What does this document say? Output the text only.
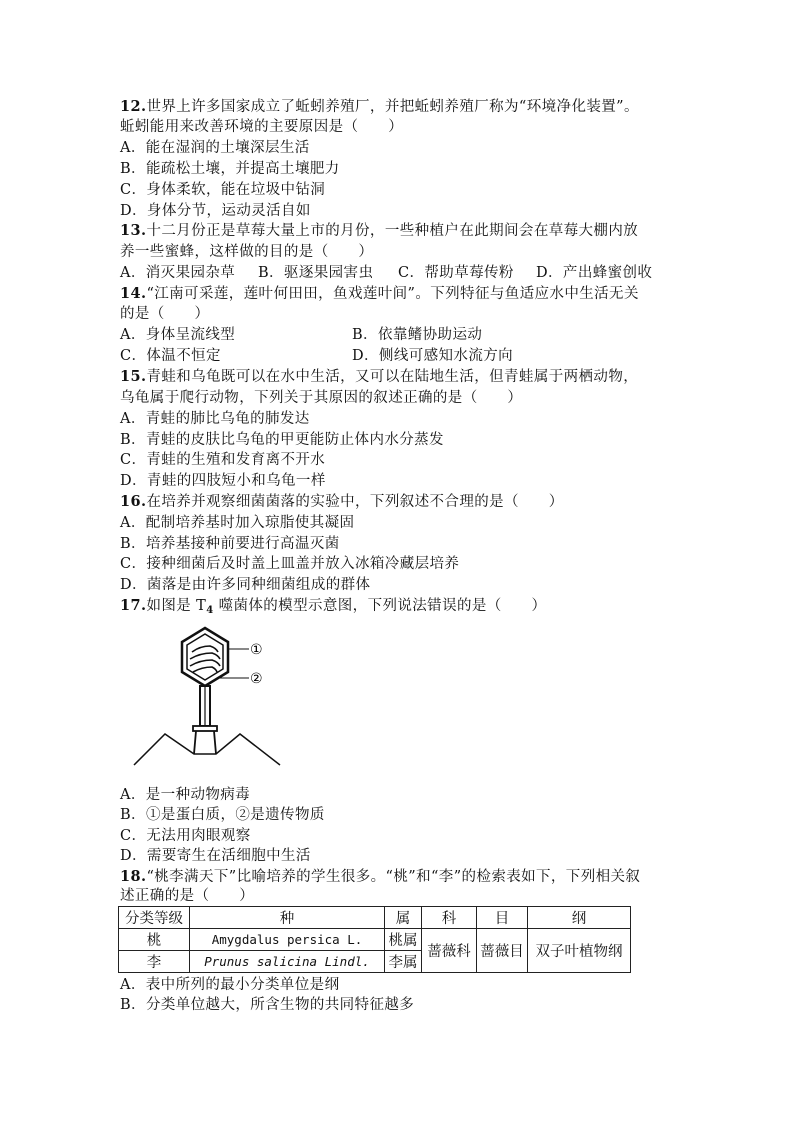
12.世界上许多国家成立了蚯蚓养殖厂，并把蚯蚓养殖厂称为“环境净化装置”。
蚯蚓能用来改善环境的主要原因是（　　）
A．能在湿润的土壤深层生活
B．能疏松土壤，并提高土壤肥力
C．身体柔软，能在垃圾中钻洞
D．身体分节，运动灵活自如
13.十二月份正是草莓大量上市的月份，一些种植户在此期间会在草莓大棚内放
养一些蜜蜂，这样做的目的是（　　）
A．消灭果园杂草 B．驱逐果园害虫 C．帮助草莓传粉 D．产出蜂蜜创收
14.“江南可采莲，莲叶何田田，鱼戏莲叶间”。下列特征与鱼适应水中生活无关
的是（　　）
A．身体呈流线型	B．依靠鳍协助运动
C．体温不恒定	D．侧线可感知水流方向
15.青蛙和乌龟既可以在水中生活，又可以在陆地生活，但青蛙属于两栖动物，
乌龟属于爬行动物，下列关于其原因的叙述正确的是（　　）
A．青蛙的肺比乌龟的肺发达
B．青蛙的皮肤比乌龟的甲更能防止体内水分蒸发
C．青蛙的生殖和发育离不开水
D．青蛙的四肢短小和乌龟一样
16.在培养并观察细菌菌落的实验中，下列叙述不合理的是（　　）
A．配制培养基时加入琼脂使其凝固
B．培养基接种前要进行高温灭菌
C．接种细菌后及时盖上皿盖并放入冰箱冷藏层培养
D．菌落是由许多同种细菌组成的群体
17.如图是 $T_4$ 噬菌体的模型示意图，下列说法错误的是（　　）
①
②
A．是一种动物病毒
B．①是蛋白质，②是遗传物质
C．无法用肉眼观察
D．需要寄生在活细胞中生活
18.“桃李满天下”比喻培养的学生很多。“桃”和“李”的检索表如下，下列相关叙
述正确的是（　　）
分类等级	种	属	科	目	纲
桃	Amygdalus persica L.	桃属	蔷薇科	蔷薇目	双子叶植物纲
李	Prunus salicina Lindl.	李属			
A．表中所列的最小分类单位是纲
B．分类单位越大，所含生物的共同特征越多
